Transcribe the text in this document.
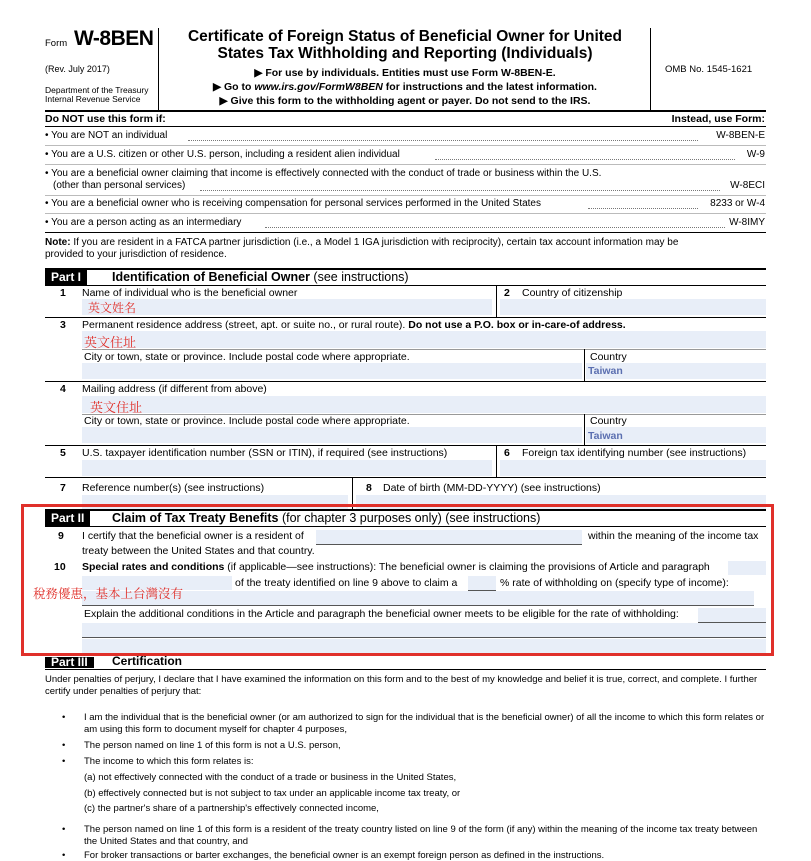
Form W-8BEN
(Rev. July 2017)
Department of the Treasury
Internal Revenue Service
Certificate of Foreign Status of Beneficial Owner for United
States Tax Withholding and Reporting (Individuals)
▶ For use by individuals. Entities must use Form W-8BEN-E.
▶ Go to www.irs.gov/FormW8BEN for instructions and the latest information.
▶ Give this form to the withholding agent or payer. Do not send to the IRS.
OMB No. 1545-1621
Do NOT use this form if:	Instead, use Form:
• You are NOT an individual	W-8BEN-E
• You are a U.S. citizen or other U.S. person, including a resident alien individual	W-9
• You are a beneficial owner claiming that income is effectively connected with the conduct of trade or business within the U.S.
(other than personal services)	W-8ECI
• You are a beneficial owner who is receiving compensation for personal services performed in the United States	8233 or W-4
• You are a person acting as an intermediary	W-8IMY
Note: If you are resident in a FATCA partner jurisdiction (i.e., a Model 1 IGA jurisdiction with reciprocity), certain tax account information may be
provided to your jurisdiction of residence.
Part I	Identification of Beneficial Owner (see instructions)
1 Name of individual who is the beneficial owner
英文姓名
2 Country of citizenship
3 Permanent residence address (street, apt. or suite no., or rural route). Do not use a P.O. box or in-care-of address.
英文住址
City or town, state or province. Include postal code where appropriate.	Country
Taiwan
4 Mailing address (if different from above)
英文住址
City or town, state or province. Include postal code where appropriate.	Country
Taiwan
5 U.S. taxpayer identification number (SSN or ITIN), if required (see instructions)	6 Foreign tax identifying number (see instructions)
7 Reference number(s) (see instructions)	8 Date of birth (MM-DD-YYYY) (see instructions)
Part II	Claim of Tax Treaty Benefits (for chapter 3 purposes only) (see instructions)
9 I certify that the beneficial owner is a resident of	within the meaning of the income tax
treaty between the United States and that country.
10 Special rates and conditions (if applicable—see instructions): The beneficial owner is claiming the provisions of Article and paragraph
of the treaty identified on line 9 above to claim a	% rate of withholding on (specify type of income):
Explain the additional conditions in the Article and paragraph the beneficial owner meets to be eligible for the rate of withholding:
稅務優惠，基本上台灣沒有
Part III	Certification
Under penalties of perjury, I declare that I have examined the information on this form and to the best of my knowledge and belief it is true, correct, and complete. I further
certify under penalties of perjury that:
• I am the individual that is the beneficial owner (or am authorized to sign for the individual that is the beneficial owner) of all the income to which this form relates or
am using this form to document myself for chapter 4 purposes,
• The person named on line 1 of this form is not a U.S. person,
• The income to which this form relates is:
(a) not effectively connected with the conduct of a trade or business in the United States,
(b) effectively connected but is not subject to tax under an applicable income tax treaty, or
(c) the partner's share of a partnership's effectively connected income,
• The person named on line 1 of this form is a resident of the treaty country listed on line 9 of the form (if any) within the meaning of the income tax treaty between
the United States and that country, and
• For broker transactions or barter exchanges, the beneficial owner is an exempt foreign person as defined in the instructions.
